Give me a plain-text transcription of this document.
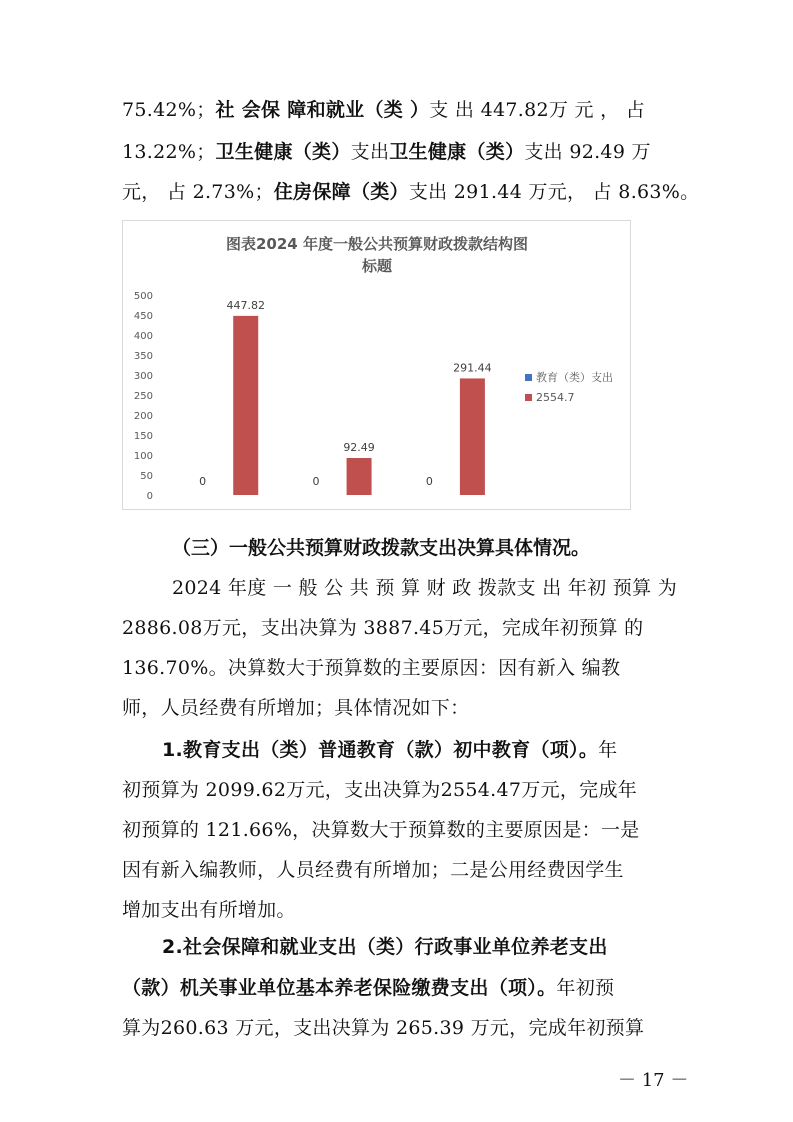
75.42%；社 会保 障和就业（类 ）支 出 447.82万 元 ， 占
13.22%；卫生健康（类）支出卫生健康（类）支出 92.49 万
元， 占 2.73%；住房保障（类）支出 291.44 万元， 占 8.63%。
图表2024 年度一般公共预算财政拨款结构图
标题
0
50
100
150
200
250
300
350
400
450
500
0
447.82
0
92.49
0
291.44
教育（类）支出
2554.7
（三）一般公共预算财政拨款支出决算具体情况。
2024 年度 一 般 公 共 预 算 财 政 拨款支 出 年初 预算 为
2886.08万元，支出决算为 3887.45万元，完成年初预算 的
136.70%。决算数大于预算数的主要原因：因有新入 编教
师，人员经费有所增加；具体情况如下：
1.教育支出（类）普通教育（款）初中教育（项）。年
初预算为 2099.62万元，支出决算为2554.47万元，完成年
初预算的 121.66%，决算数大于预算数的主要原因是：一是
因有新入编教师，人员经费有所增加；二是公用经费因学生
增加支出有所增加。
2.社会保障和就业支出（类）行政事业单位养老支出
（款）机关事业单位基本养老保险缴费支出（项）。年初预
算为260.63 万元，支出决算为 265.39 万元，完成年初预算
－ 17 －
